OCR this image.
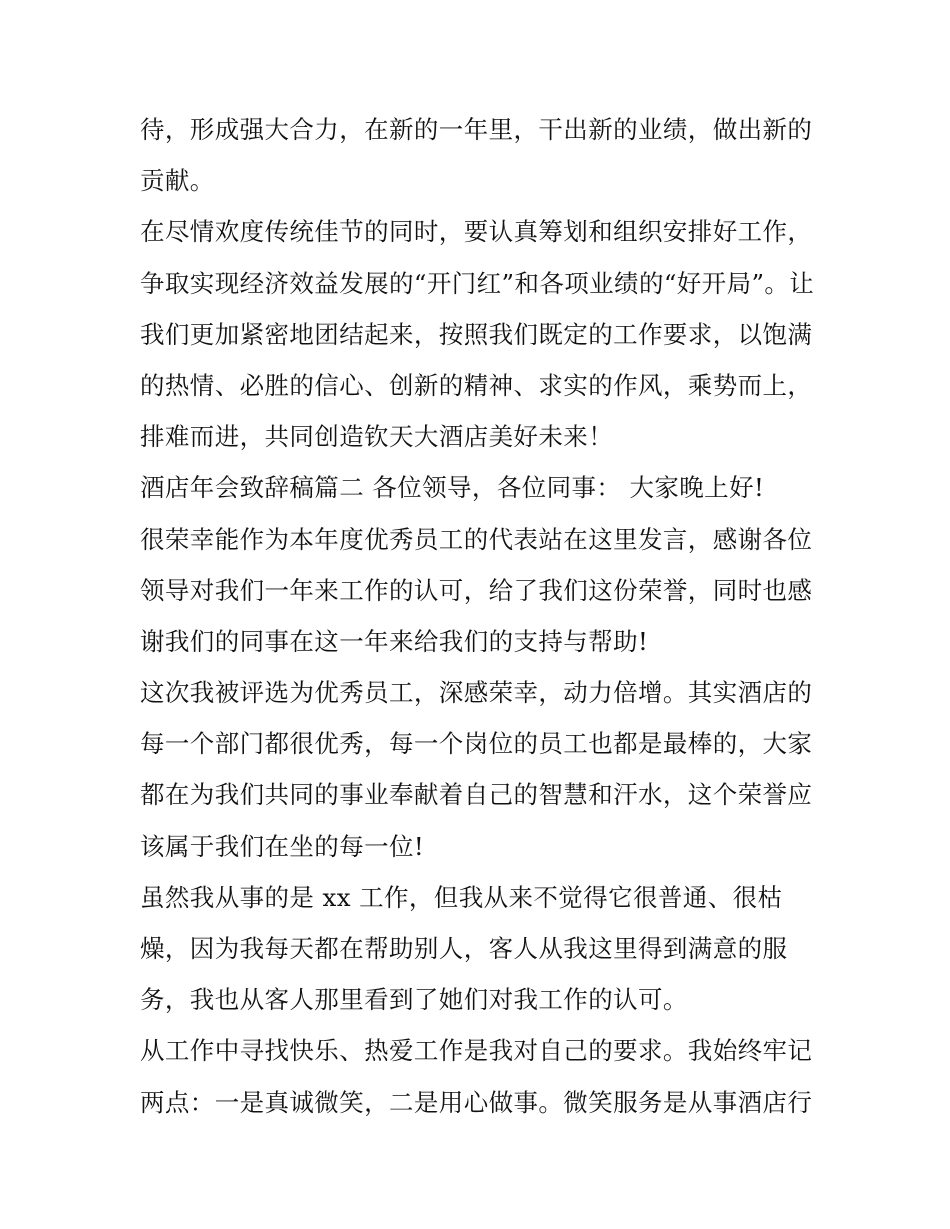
待，形成强大合力，在新的一年里，干出新的业绩，做出新的
贡献。
在尽情欢度传统佳节的同时，要认真筹划和组织安排好工作，
争取实现经济效益发展的“开门红”和各项业绩的“好开局”。让
我们更加紧密地团结起来，按照我们既定的工作要求，以饱满
的热情、必胜的信心、创新的精神、求实的作风，乘势而上，
排难而进，共同创造钦天大酒店美好未来！
酒店年会致辞稿篇二 各位领导，各位同事： 大家晚上好!
很荣幸能作为本年度优秀员工的代表站在这里发言，感谢各位
领导对我们一年来工作的认可，给了我们这份荣誉，同时也感
谢我们的同事在这一年来给我们的支持与帮助!
这次我被评选为优秀员工，深感荣幸，动力倍增。其实酒店的
每一个部门都很优秀，每一个岗位的员工也都是最棒的，大家
都在为我们共同的事业奉献着自己的智慧和汗水，这个荣誉应
该属于我们在坐的每一位!
虽然我从事的是 xx 工作，但我从来不觉得它很普通、很枯
燥，因为我每天都在帮助别人，客人从我这里得到满意的服
务，我也从客人那里看到了她们对我工作的认可。
从工作中寻找快乐、热爱工作是我对自己的要求。我始终牢记
两点：一是真诚微笑，二是用心做事。微笑服务是从事酒店行
